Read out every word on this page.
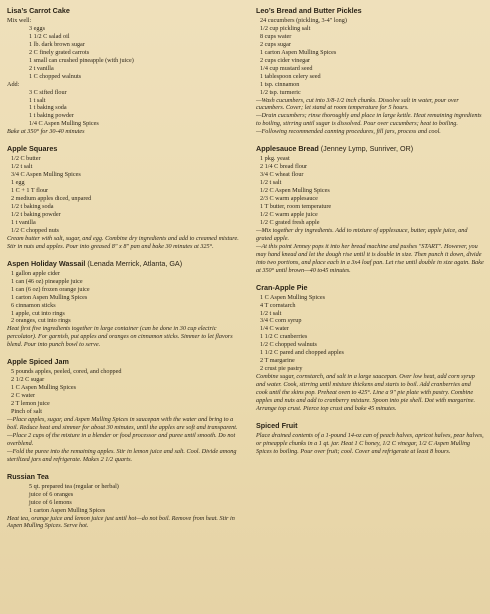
Lisa’s Carrot Cake
Mix well:
3 eggs
1 1/2 C salad oil
1 lb. dark brown sugar
2 C finely grated carrots
1 small can crushed pineapple (with juice)
2 t vanilla
1 C chopped walnuts
Add:
3 C sifted flour
1 t salt
1 t baking soda
1 t baking powder
1/4 C Aspen Mulling Spices
Bake at 350° for 30-40 minutes
Apple Squares
1/2 C butter
1/2 t salt
3/4 C Aspen Mulling Spices
1 egg
1 C + 1 T flour
2 medium apples diced, unpared
1/2 t baking soda
1/2 t baking powder
1 t vanilla
1/2 C chopped nuts
Cream butter with salt, sugar, and egg. Combine dry ingredients and add to creamed mixture. Stir in nuts and apples. Pour into greased 8" x 8" pan and bake 30 minutes at 325°.
Aspen Holiday Wassail (Lenada Merrick, Atlanta, GA)
1 gallon apple cider
1 can (46 oz) pineapple juice
1 can (6 oz) frozen orange juice
1 carton Aspen Mulling Spices
6 cinnamon sticks
1 apple, cut into rings
2 oranges, cut into rings
Heat first five ingredients together in large container (can be done in 30 cup electric percolator). For garnish, put apples and oranges on cinnamon sticks. Simmer to let flavors blend. Pour into punch bowl to serve.
Apple Spiced Jam
5 pounds apples, peeled, cored, and chopped
2 1/2 C sugar
1 C Aspen Mulling Spices
2 C water
2 T lemon juice
Pinch of salt
—Place apples, sugar, and Aspen Mulling Spices in saucepan with the water and bring to a boil. Reduce heat and simmer for about 30 minutes, until the apples are soft and transparent.
—Place 2 cups of the mixture in a blender or food processor and puree until smooth. Do not overblend.
—Fold the puree into the remaining apples. Stir in lemon juice and salt. Cool. Divide among sterilized jars and refrigerate. Makes 2 1/2 quarts.
Russian Tea
5 qt. prepared tea (regular or herbal)
juice of 6 oranges
juice of 6 lemons
1 carton Aspen Mulling Spices
Heat tea, orange juice and lemon juice just until hot—do not boil. Remove from heat. Stir in Aspen Mulling Spices. Serve hot.
Leo’s Bread and Butter Pickles
24 cucumbers (pickling, 3-4" long)
1/2 cup pickling salt
8 cups water
2 cups sugar
1 carton Aspen Mulling Spices
2 cups cider vinegar
1/4 cup mustard seed
1 tablespoon celery seed
1 tsp. cinnamon
1/2 tsp. turmeric
—Wash cucumbers, cut into 3/8-1/2 inch chunks. Dissolve salt in water, pour over cucumbers. Cover; let stand at room temperature for 5 hours.
—Drain cucumbers; rinse thoroughly and place in large kettle. Heat remaining ingredients to boiling, stirring until sugar is dissolved. Pour over cucumbers; heat to boiling.
—Following recommended canning procedures, fill jars, process and cool.
Applesauce Bread (Jenney Lymp, Sunriver, OR)
1 pkg. yeast
2 1/4 C bread flour
3/4 C wheat flour
1/2 t salt
1/2 C Aspen Mulling Spices
2/3 C warm applesauce
1 T butter, room temperature
1/2 C warm apple juice
1/2 C grated fresh apple
—Mix together dry ingredients. Add to mixture of applesauce, butter, apple juice, and grated apple.
—At this point Jenney pops it into her bread machine and pushes "START". However, you may hand knead and let the dough rise until it is double in size. Then punch it down, divide into two portions, and place each in a 3x4 loaf pan. Let rise until double in size again. Bake at 350° until brown—40 to45 minutes.
Cran-Apple Pie
1 C Aspen Mulling Spices
4 T cornstarch
1/2 t salt
3/4 C corn syrup
1/4 C water
1 1/2 C cranberries
1/2 C chopped walnuts
1 1/2 C pared and chopped apples
2 T margarine
2 crust pie pastry
Combine sugar, cornstarch, and salt in a large saucepan. Over low heat, add corn syrup and water. Cook, stirring until mixture thickens and starts to boil. Add cranberries and cook until the skins pop. Preheat oven to 425°. Line a 9" pie plate with pastry. Combine apples and nuts and add to cranberry mixture. Spoon into pie shell. Dot with margarine. Arrange top crust. Pierce top crust and bake 45 minutes.
Spiced Fruit
Place drained contents of a 1-pound 14-oz can of peach halves, apricot halves, pear halves, or pineapple chunks in a 1 qt. jar. Heat 1 C honey, 1/2 C vinegar, 1/2 C Aspen Mulling Spices to boiling. Pour over fruit; cool. Cover and refrigerate at least 8 hours.
